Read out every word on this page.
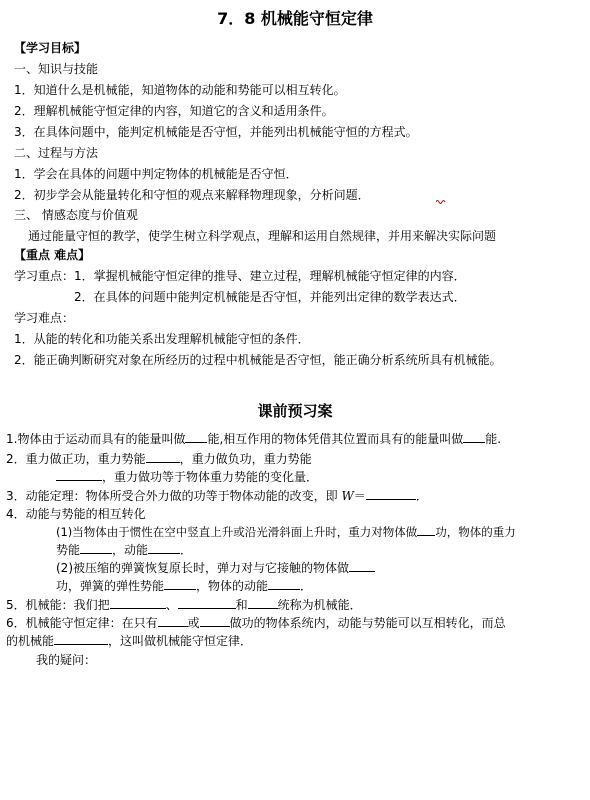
7．8 机械能守恒定律
【学习目标】
一、知识与技能
1．知道什么是机械能，知道物体的动能和势能可以相互转化。
2．理解机械能守恒定律的内容，知道它的含义和适用条件。
3．在具体问题中，能判定机械能是否守恒，并能列出机械能守恒的方程式。
二、过程与方法
1．学会在具体的问题中判定物体的机械能是否守恒．
2．初步学会从能量转化和守恒的观点来解释物理现象，分析问题．
三、 情感态度与价值观
通过能量守恒的教学，使学生树立科学观点，理解和运用自然规律，并用来解决实际问题
【重点 难点】
学习重点：1．掌握机械能守恒定律的推导、建立过程，理解机械能守恒定律的内容．
2．在具体的问题中能判定机械能是否守恒，并能列出定律的数学表达式．
学习难点：
1．从能的转化和功能关系出发理解机械能守恒的条件．
2．能正确判断研究对象在所经历的过程中机械能是否守恒，能正确分析系统所具有机械能。
课前预习案
1.物体由于运动而具有的能量叫做 能,相互作用的物体凭借其位置而具有的能量叫做 能.
2．重力做正功，重力势能	，重力做负功，重力势能
，重力做功等于物体重力势能的变化量．
3．动能定理：物体所受合外力做的功等于物体动能的改变，即 W＝	．
4．动能与势能的相互转化
(1)当物体由于惯性在空中竖直上升或沿光滑斜面上升时，重力对物体做 功，物体的重力
势能	，动能	．
(2)被压缩的弹簧恢复原长时，弹力对与它接触的物体做
功，弹簧的弹性势能	，物体的动能	．
5．机械能：我们把	、	和	统称为机械能．
6．机械能守恒定律：在只有	或	做功的物体系统内，动能与势能可以互相转化，而总
的机械能	，这叫做机械能守恒定律．
我的疑问：
